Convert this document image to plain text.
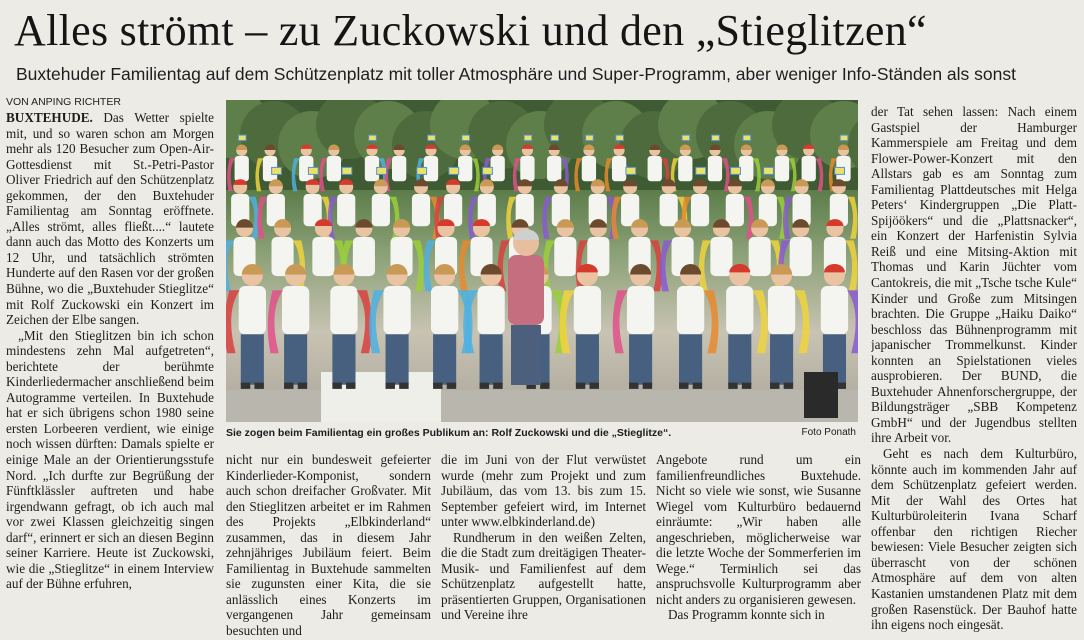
Alles strömt – zu Zuckowski und den „Stieglitzen“
Buxtehuder Familientag auf dem Schützenplatz mit toller Atmosphäre und Super-Programm, aber weniger Info-Ständen als sonst
VON ANPING RICHTER

BUXTEHUDE. Das Wetter spielte mit, und so waren schon am Morgen mehr als 120 Besucher zum Open-Air-Gottesdienst mit St.-Petri-Pastor Oliver Friedrich auf den Schützenplatz gekommen, der den Buxtehuder Familientag am Sonntag eröffnete. „Alles strömt, alles fließt....“ lautete dann auch das Motto des Konzerts um 12 Uhr, und tatsächlich strömten Hunderte auf den Rasen vor der großen Bühne, wo die „Buxtehuder Stieglitze“ mit Rolf Zuckowski ein Konzert im Zeichen der Elbe sangen.

„Mit den Stieglitzen bin ich schon mindestens zehn Mal aufgetreten“, berichtete der berühmte Kinderliedermacher anschließend beim Autogramme verteilen. In Buxtehude hat er sich übrigens schon 1980 seine ersten Lorbeeren verdient, wie einige noch wissen dürften: Damals spielte er einige Male an der Orientierungsstufe Nord. „Ich durfte zur Begrüßung der Fünftklässler auftreten und habe irgendwann gefragt, ob ich auch mal vor zwei Klassen gleichzeitig singen darf“, erinnert er sich an diesen Beginn seiner Karriere. Heute ist Zuckowski, wie die „Stieglitze“ in einem Interview auf der Bühne erfuhren,

Sie zogen beim Familientag ein großes Publikum an: Rolf Zuckowski und die „Stieglitze“.	Foto Ponath

nicht nur ein bundesweit gefeierter Kinderlieder-Komponist, sondern auch schon dreifacher Großvater. Mit den Stieglitzen arbeitet er im Rahmen des Projekts „Elbkinderland“ zusammen, das in diesem Jahr zehnjähriges Jubiläum feiert. Beim Familientag in Buxtehude sammelten sie zugunsten einer Kita, die sie anlässlich eines Konzerts im vergangenen Jahr gemeinsam besuchten und

die im Juni von der Flut verwüstet wurde (mehr zum Projekt und zum Jubiläum, das vom 13. bis zum 15. September gefeiert wird, im Internet unter www.elbkinderland.de)

Rundherum in den weißen Zelten, die die Stadt zum dreitägigen Theater-Musik- und Familienfest auf dem Schützenplatz aufgestellt hatte, präsentierten Gruppen, Organisationen und Vereine ihre

Angebote rund um ein familienfreundliches Buxtehude. Nicht so viele wie sonst, wie Susanne Wiegel vom Kulturbüro bedauernd einräumte: „Wir haben alle angeschrieben, möglicherweise war die letzte Woche der Sommerferien im Wege.“ Termінlich sei das anspruchsvolle Kulturprogramm aber nicht anders zu organisieren gewesen.

Das Programm konnte sich in

der Tat sehen lassen: Nach einem Gastspiel der Hamburger Kammerspiele am Freitag und dem Flower-Power-Konzert mit den Allstars gab es am Sonntag zum Familientag Plattdeutsches mit Helga Peters‘ Kindergruppen „Die Platt-Spijöökers“ und die „Plattsnacker“, ein Konzert der Harfenistin Sylvia Reiß und eine Mitsing-Aktion mit Thomas und Karin Jüchter vom Cantokreis, die mit „Tsche tsche Kule“ Kinder und Große zum Mitsingen brachten. Die Gruppe „Haiku Daiko“ beschloss das Bühnenprogramm mit japanischer Trommelkunst. Kinder konnten an Spielstationen vieles ausprobieren. Der BUND, die Buxtehuder Ahnenforschergruppe, der Bildungsträger „SBB Kompetenz GmbH“ und der Jugendbus stellten ihre Arbeit vor.

Geht es nach dem Kulturbüro, könnte auch im kommenden Jahr auf dem Schützenplatz gefeiert werden. Mit der Wahl des Ortes hat Kulturbüroleiterin Ivana Scharf offenbar den richtigen Riecher bewiesen: Viele Besucher zeigten sich überrascht von der schönen Atmosphäre auf dem von alten Kastanien umstandenen Platz mit dem großen Rasenstück. Der Bauhof hatte ihn eigens noch eingesät.
